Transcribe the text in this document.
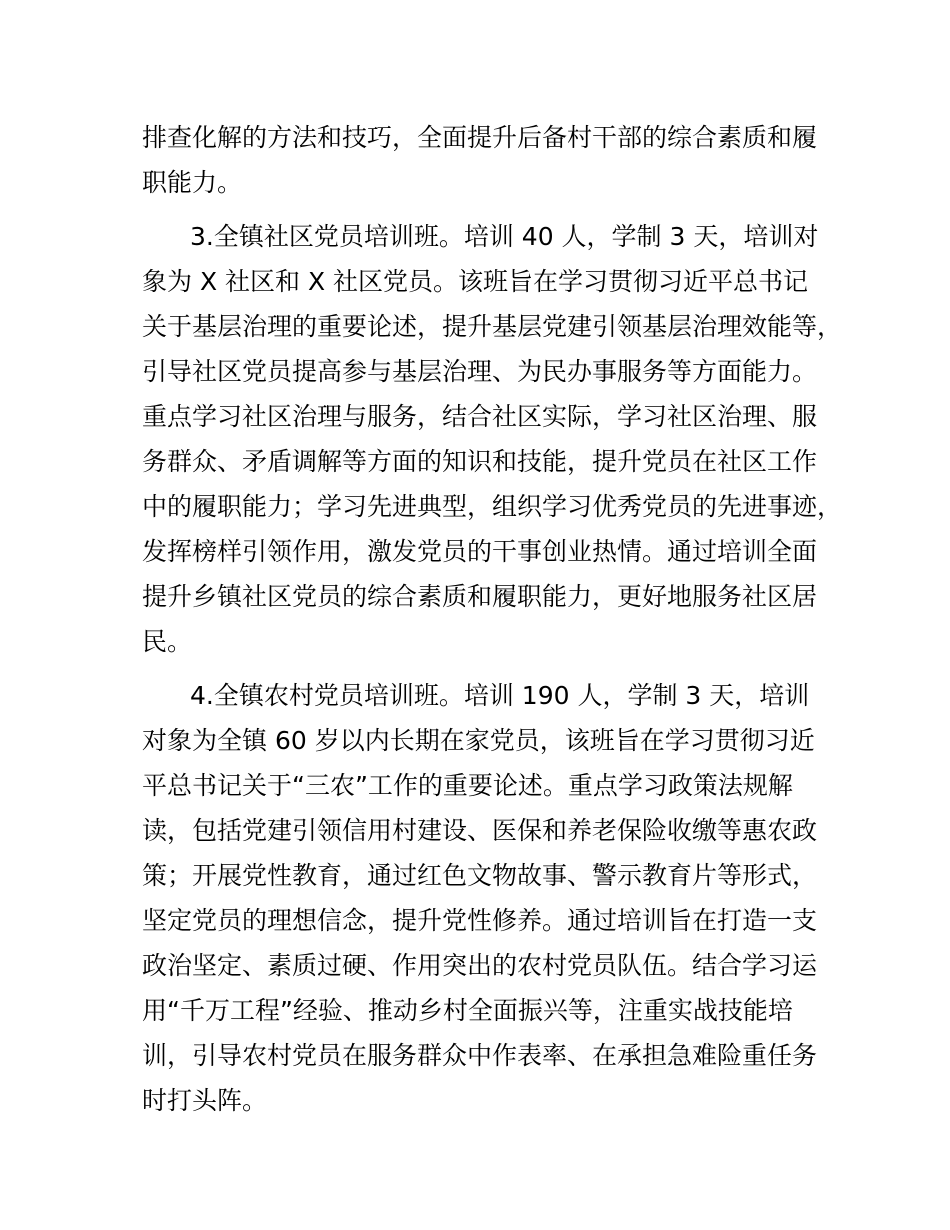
排查化解的方法和技巧，全面提升后备村干部的综合素质和履
职能力。
3.全镇社区党员培训班。培训 40 人，学制 3 天，培训对
象为 X 社区和 X 社区党员。该班旨在学习贯彻习近平总书记
关于基层治理的重要论述，提升基层党建引领基层治理效能等，
引导社区党员提高参与基层治理、为民办事服务等方面能力。
重点学习社区治理与服务，结合社区实际，学习社区治理、服
务群众、矛盾调解等方面的知识和技能，提升党员在社区工作
中的履职能力；学习先进典型，组织学习优秀党员的先进事迹，
发挥榜样引领作用，激发党员的干事创业热情。通过培训全面
提升乡镇社区党员的综合素质和履职能力，更好地服务社区居
民。
4.全镇农村党员培训班。培训 190 人，学制 3 天，培训
对象为全镇 60 岁以内长期在家党员，该班旨在学习贯彻习近
平总书记关于“三农”工作的重要论述。重点学习政策法规解
读，包括党建引领信用村建设、医保和养老保险收缴等惠农政
策；开展党性教育，通过红色文物故事、警示教育片等形式，
坚定党员的理想信念，提升党性修养。通过培训旨在打造一支
政治坚定、素质过硬、作用突出的农村党员队伍。结合学习运
用“千万工程”经验、推动乡村全面振兴等，注重实战技能培
训，引导农村党员在服务群众中作表率、在承担急难险重任务
时打头阵。
